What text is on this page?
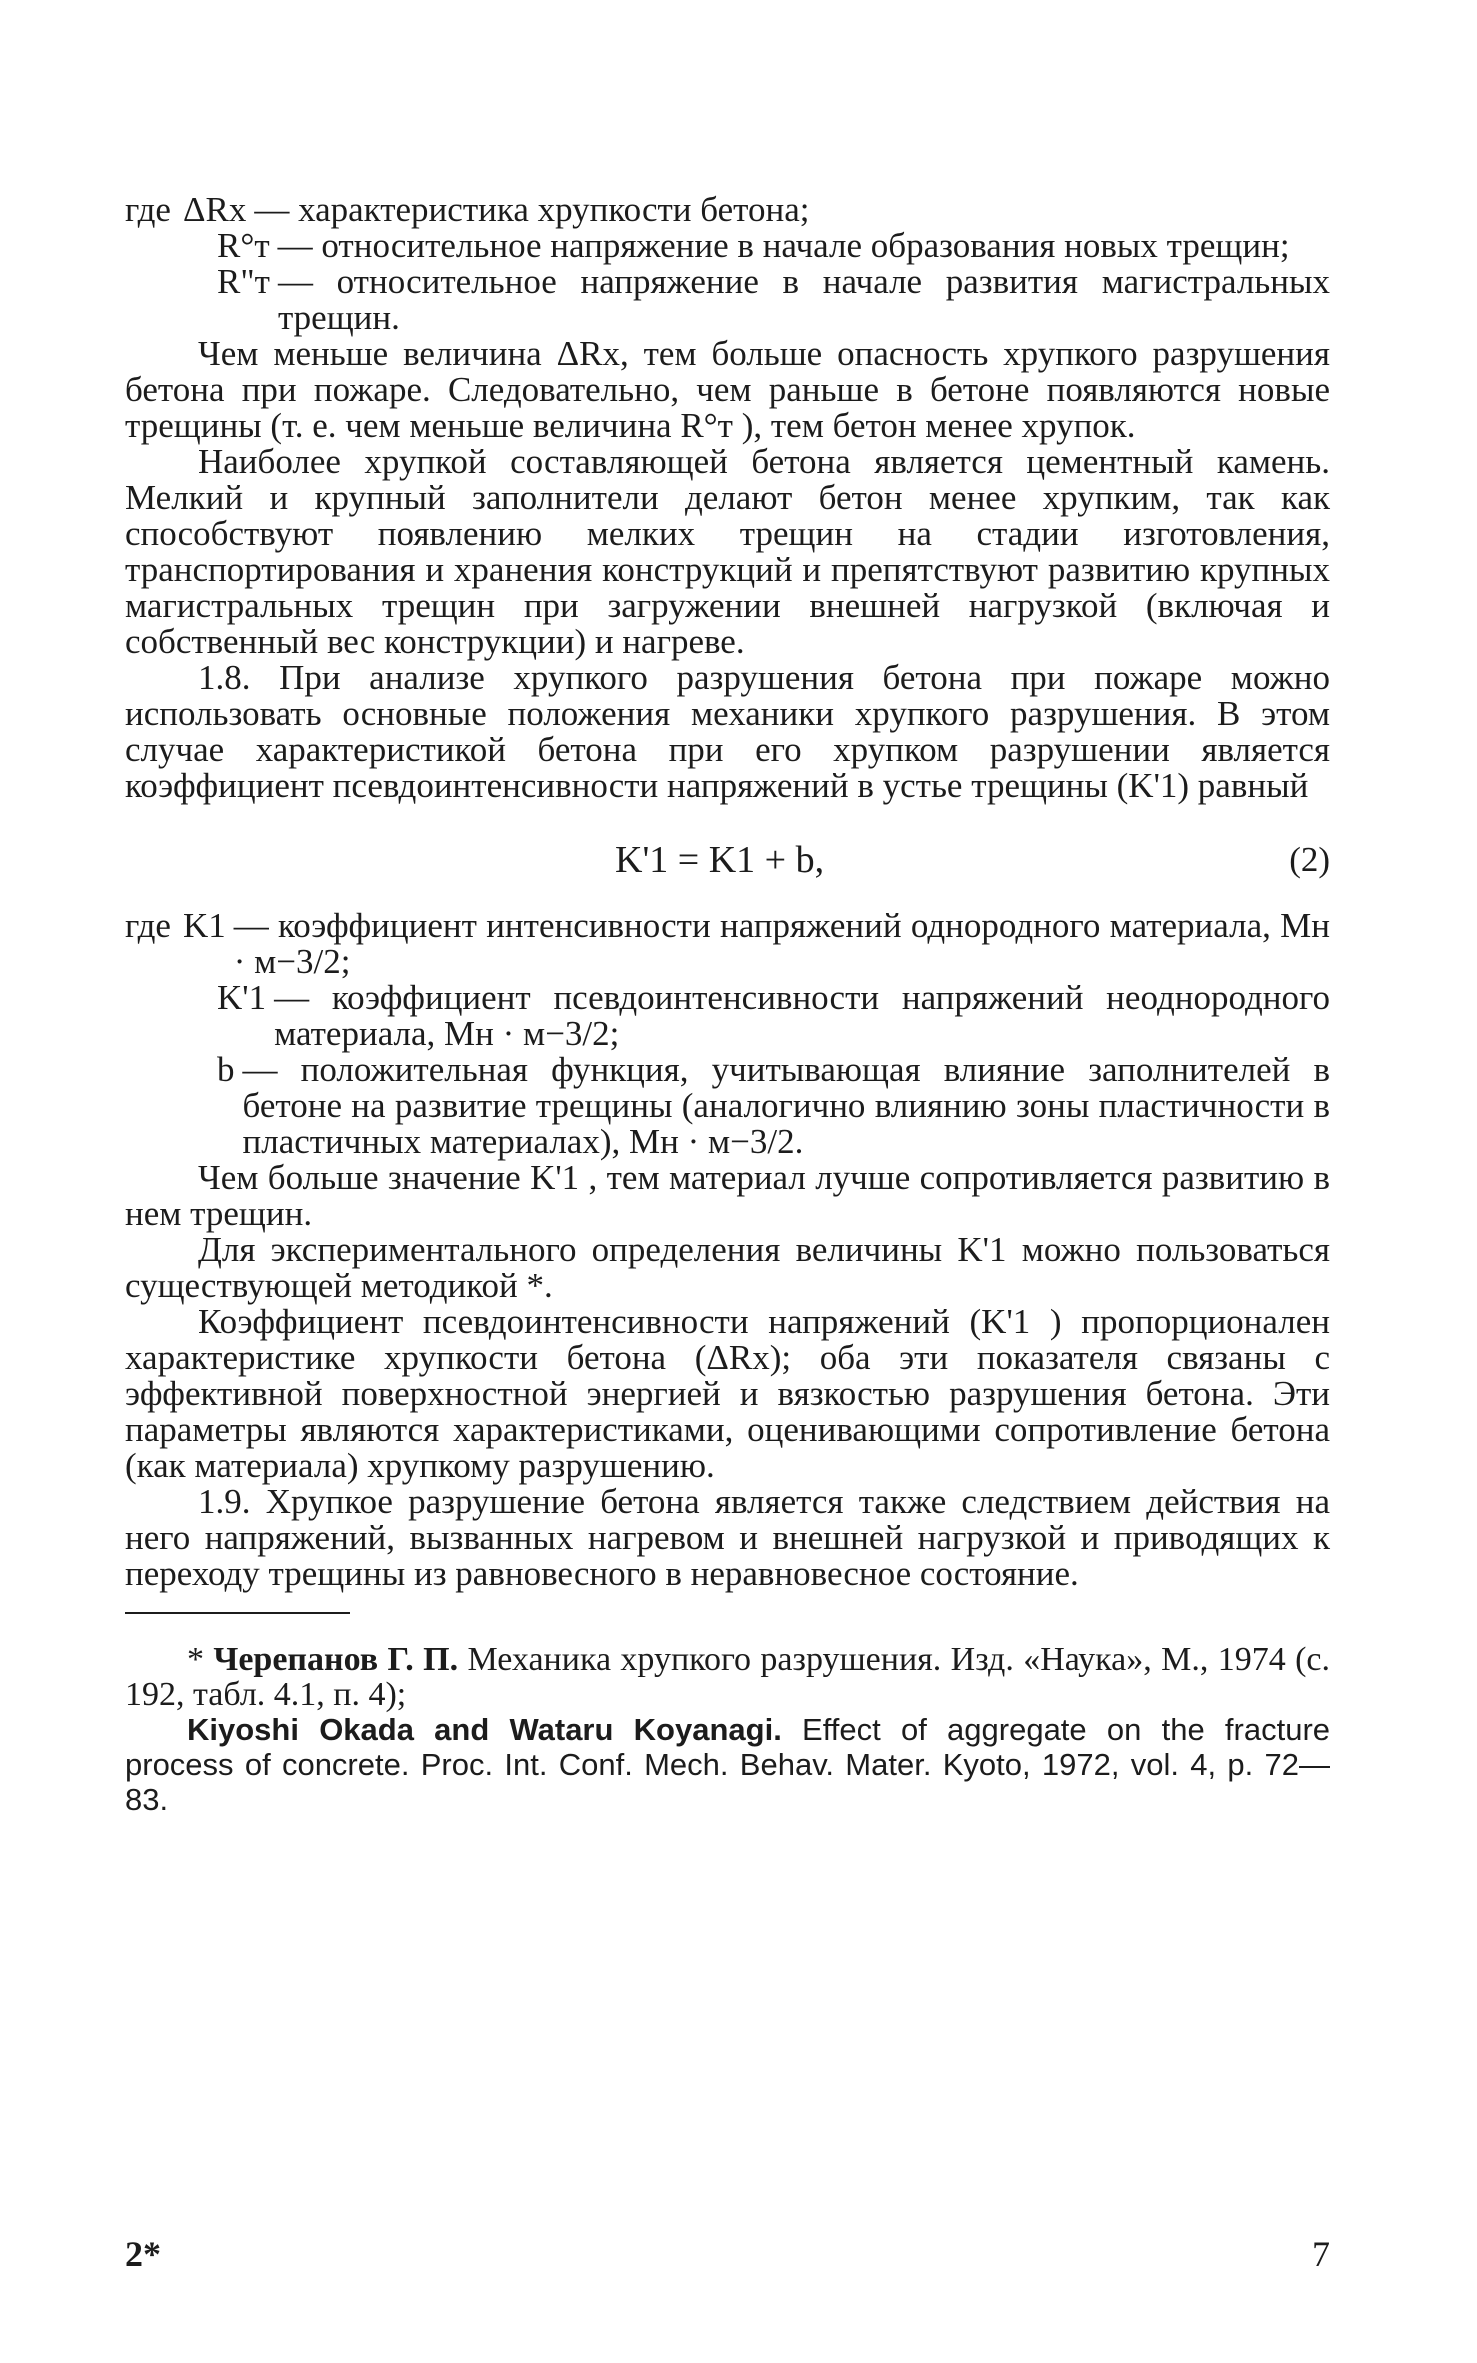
где ΔRx — характеристика хрупкости бетона;
R°т — относительное напряжение в начале образования новых трещин;
R"т — относительное напряжение в начале развития магистральных трещин.

Чем меньше величина ΔRx, тем больше опасность хрупкого разрушения бетона при пожаре. Следовательно, чем раньше в бетоне появляются новые трещины (т. е. чем меньше величина R°т ), тем бетон менее хрупок.

Наиболее хрупкой составляющей бетона является цементный камень. Мелкий и крупный заполнители делают бетон менее хрупким, так как способствуют появлению мелких трещин на стадии изготовления, транспортирования и хранения конструкций и препятствуют развитию крупных магистральных трещин при загружении внешней нагрузкой (включая и собственный вес конструкции) и нагреве.

1.8. При анализе хрупкого разрушения бетона при пожаре можно использовать основные положения механики хрупкого разрушения. В этом случае характеристикой бетона при его хрупком разрушении является коэффициент псевдоинтенсивности напряжений в устье трещины (K'1) равный

K'1 = K1 + b,	(2)
где K1 — коэффициент интенсивности напряжений однородного материала, Мн · м−3/2;
K'1 — коэффициент псевдоинтенсивности напряжений неоднородного материала, Мн · м−3/2;
b — положительная функция, учитывающая влияние заполнителей в бетоне на развитие трещины (аналогично влиянию зоны пластичности в пластичных материалах), Мн · м−3/2.

Чем больше значение K'1 , тем материал лучше сопротивляется развитию в нем трещин.

Для экспериментального определения величины K'1 можно пользоваться существующей методикой *.

Коэффициент псевдоинтенсивности напряжений (K'1 ) пропорционален характеристике хрупкости бетона (ΔRx); оба эти показателя связаны с эффективной поверхностной энергией и вязкостью разрушения бетона. Эти параметры являются характеристиками, оценивающими сопротивление бетона (как материала) хрупкому разрушению.

1.9. Хрупкое разрушение бетона является также следствием действия на него напряжений, вызванных нагревом и внешней нагрузкой и приводящих к переходу трещины из равновесного в неравновесное состояние.

* Черепанов Г. П. Механика хрупкого разрушения. Изд. «Наука», М., 1974 (с. 192, табл. 4.1, п. 4);

Kiyoshi Okada and Wataru Koyanagi. Effect of aggregate on the fracture process of concrete. Proc. Int. Conf. Mech. Behav. Mater. Kyoto, 1972, vol. 4, p. 72—83.

2*	7
